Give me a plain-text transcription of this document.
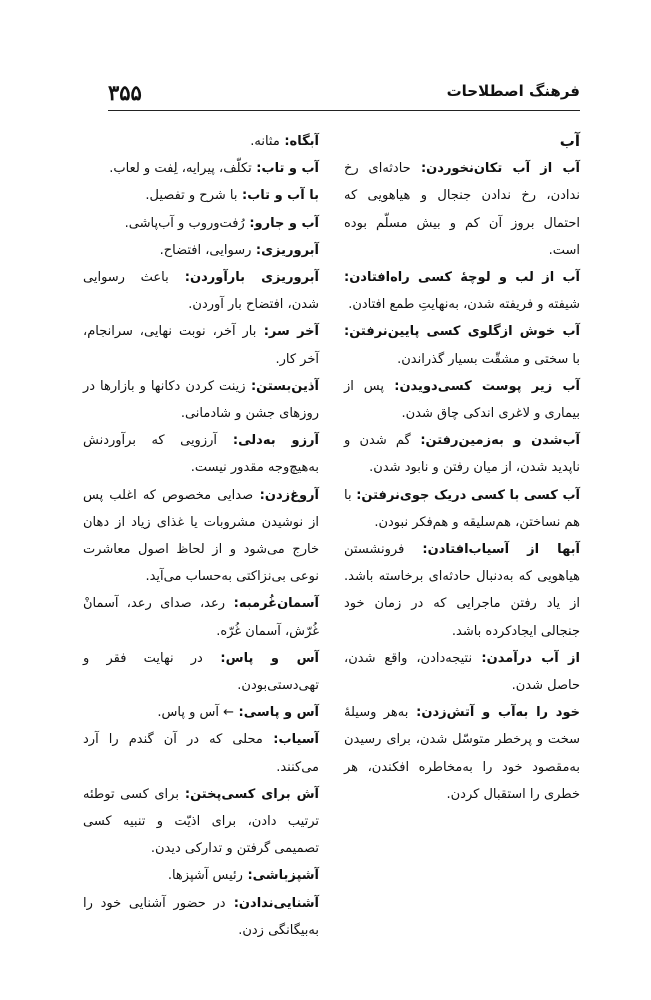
۳۵۵	فرهنگ اصطلاحات
آب

آب از آب تکان‌نخوردن : حادثه‌ای رخ ندادن، رخ ندادن جنجال و هیاهویی که احتمال بروز آن کم و بیش مسلّم بوده است.

آب از لب و لوچهٔ کسی راه‌افتادن : شیفته و فریفته شدن، به‌نهایتِ طمع افتادن.

آب خوش ازگلوی کسی پایین‌نرفتن : با سختی و مشقّت بسیار گذراندن.

آب زیر پوست کسی‌دویدن : پس از بیماری و لاغری اندکی چاق شدن.

آب‌شدن و به‌زمین‌رفتن : گم شدن و ناپدید شدن، از میان رفتن و نابود شدن.

آب کسی با کسی دریک جوی‌نرفتن : با هم نساختن، هم‌سلیقه و هم‌فکر نبودن.

آبها از آسیاب‌افتادن : فرونشستن هیاهویی که به‌دنبال حادثه‌ای برخاسته باشد. از یاد رفتن ماجرایی که در زمان خود جنجالی ایجادکرده باشد.

از آب درآمدن : نتیجه‌دادن، واقع شدن، حاصل شدن.

خود را به‌آب و آتش‌زدن : به‌هر وسیلهٔ سخت و پرخطر متوسّل شدن، برای رسیدن به‌مقصود خود را به‌مخاطره افکندن، هر خطری را استقبال کردن.

آبگاه : مثانه.

آب و تاب : تکلّف، پیرایه، لِفت و لعاب.

با آب و تاب : با شرح و تفصیل.

آب و جارو : رُفت‌وروب و آب‌پاشی.

آبروریزی : رسوایی، افتضاح.

آبروریزی بارآوردن : باعث رسوایی شدن، افتضاح بار آوردن.

آخر سر : بار آخر، نوبت نهایی، سرانجام، آخر کار.

آذین‌بستن : زینت کردن دکانها و بازارها در روزهای جشن و شادمانی.

آرزو به‌دلی : آرزویی که برآوردنش به‌هیچ‌وجه مقدور نیست.

آروغ‌زدن : صدایی مخصوص که اغلب پس از نوشیدن مشروبات یا غذای زیاد از دهان خارج می‌شود و از لحاظ اصول معاشرت نوعی بی‌نزاکتی به‌حساب می‌آید.

آسمان‌غُرمبه : رعد، صدای رعد، آسمانْ غُرّش، آسمان غُرّه.

آس و پاس : در نهایت فقر و تهی‌دستی‌بودن.

آس و پاسی : ← آس و پاس.

آسیاب : محلی که در آن گندم را آرد می‌کنند.

آش برای کسی‌پختن : برای کسی توطئه ترتیب دادن، برای اذیّت و تنبیه کسی تصمیمی گرفتن و تدارکی دیدن.

آشپزباشی : رئیس آشپزها.

آشنایی‌ندادن : در حضور آشنایی خود را به‌بیگانگی زدن.
